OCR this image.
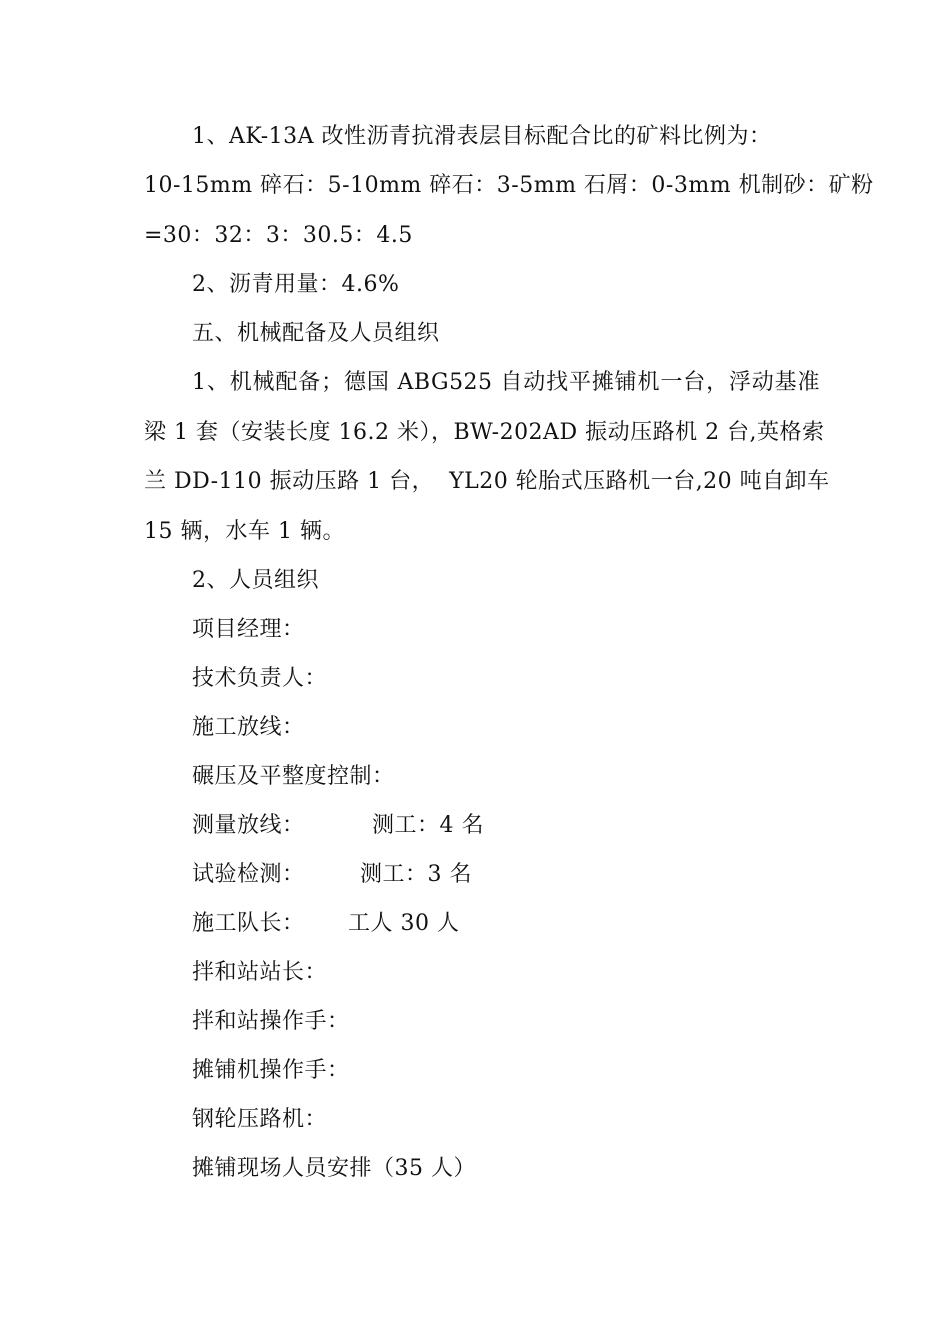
1、AK-13A 改性沥青抗滑表层目标配合比的矿料比例为：
10-15mm 碎石：5-10mm 碎石：3-5mm 石屑：0-3mm 机制砂：矿粉
=30：32：3：30.5：4.5
2、沥青用量：4.6%
五、机械配备及人员组织
1、机械配备；德国 ABG525 自动找平摊铺机一台，浮动基准
梁 1 套（安装长度 16.2 米），BW-202AD 振动压路机 2 台,英格索
兰 DD-110 振动压路 1 台，  YL20 轮胎式压路机一台,20 吨自卸车
15 辆，水车 1 辆。
2、人员组织
项目经理：
技术负责人：
施工放线：
碾压及平整度控制：
测量放线：	测工：4 名
试验检测：	测工：3 名
施工队长： 工人 30 人
拌和站站长：
拌和站操作手：
摊铺机操作手：
钢轮压路机：
摊铺现场人员安排（35 人）
